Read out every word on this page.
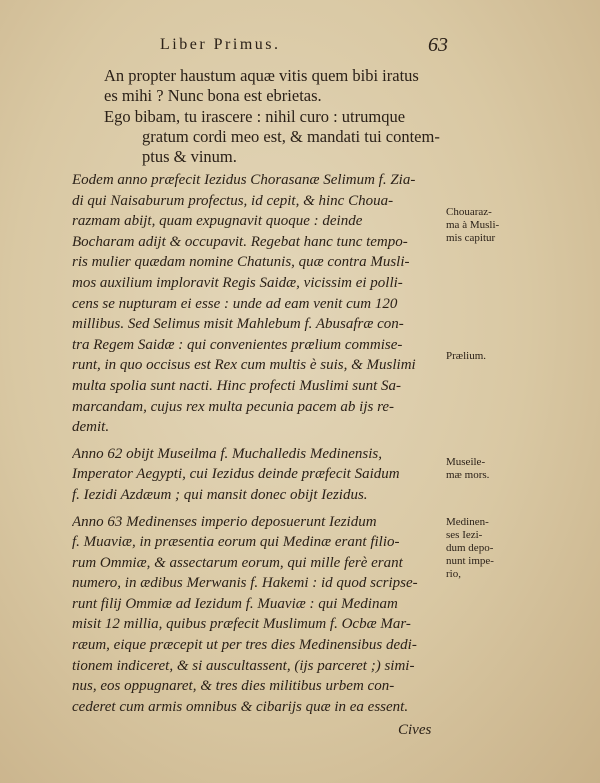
Liber Primus.	63
An propter haustum aquæ vitis quem bibi iratus
es mihi ? Nunc bona est ebrietas.
Ego bibam, tu irascere : nihil curo : utrumque
gratum cordi meo est, & mandati tui contem-
ptus & vinum.
Eodem anno præfecit Iezidus Chorasanæ Selimum f. Zia-
di qui Naisaburum profectus, id cepit, & hinc Choua-
razmam abijt, quam expugnavit quoque : deinde
Bocharam adijt & occupavit. Regebat hanc tunc tempo-
ris mulier quædam nomine Chatunis, quæ contra Musli-
mos auxilium imploravit Regis Saidæ, vicissim ei polli-
cens se nupturam ei esse : unde ad eam venit cum 120
millibus. Sed Selimus misit Mahlebum f. Abusafræ con-
tra Regem Saidæ : qui convenientes prælium commise-
runt, in quo occisus est Rex cum multis è suis, & Muslimi
multa spolia sunt nacti. Hinc profecti Muslimi sunt Sa-
marcandam, cujus rex multa pecunia pacem ab ijs re-
demit.
Anno 62 obijt Museilma f. Muchalledis Medinensis,
Imperator Aegypti, cui Iezidus deinde præfecit Saidum
f. Iezidi Azdæum ; qui mansit donec obijt Iezidus.
Anno 63 Medinenses imperio deposuerunt Iezidum
f. Muaviæ, in præsentia eorum qui Medinæ erant filio-
rum Ommiæ, & assectarum eorum, qui mille ferè erant
numero, in ædibus Merwanis f. Hakemi : id quod scripse-
runt filij Ommiæ ad Iezidum f. Muaviæ : qui Medinam
misit 12 millia, quibus præfecit Muslimum f. Ocbæ Mar-
ræum, eique præcepit ut per tres dies Medinensibus dedi-
tionem indiceret, & si auscultassent, (ijs parceret ;) simi-
nus, eos oppugnaret, & tres dies militibus urbem con-
cederet cum armis omnibus & cibarijs quæ in ea essent.
Chouaraz-
ma à Musli-
mis capitur
Prælium.
Museile-
mæ mors.
Medinen-
ses Iezi-
dum depo-
nunt impe-
rio,
Cives
